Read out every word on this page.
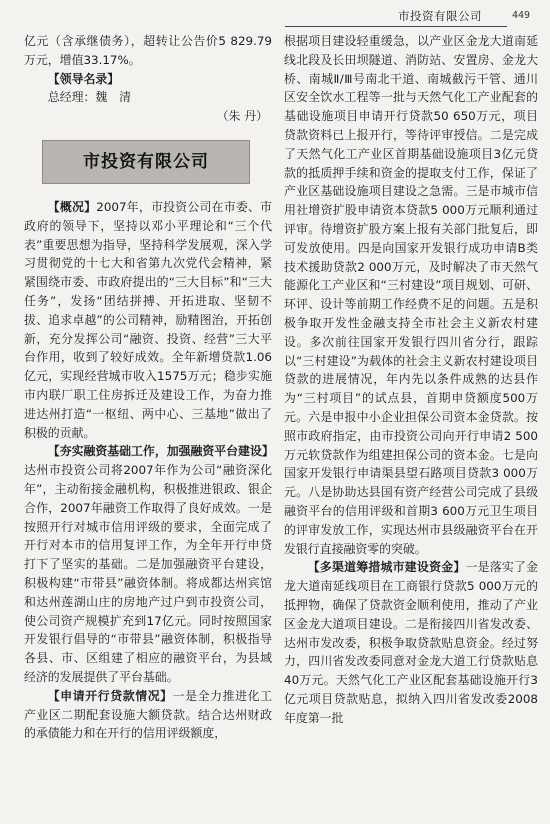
市投资有限公司	449

亿元（含承继债务），超转让公告价5 829.79万元，增值33.17%。

【领导名录】

总经理：魏　清

（朱 丹）

市投资有限公司

【概况】2007年，市投资公司在市委、市政府的领导下，坚持以邓小平理论和“三个代表”重要思想为指导，坚持科学发展观，深入学习贯彻党的十七大和省第九次党代会精神，紧紧围绕市委、市政府提出的“三大目标”和“三大任务”，发扬“团结拼搏、开拓进取、坚韧不拔、追求卓越”的公司精神，励精图治，开拓创新，充分发挥公司“融资、投资、经营”三大平台作用，收到了较好成效。全年新增贷款1.06亿元，实现经营城市收入1575万元；稳步实施市内联厂职工住房拆迁及建设工作，为奋力推进达州打造“一枢纽、两中心、三基地”做出了积极的贡献。

【夯实融资基础工作，加强融资平台建设】达州市投资公司将2007年作为公司“融资深化年”，主动衔接金融机构，积极推进银政、银企合作，2007年融资工作取得了良好成效。一是按照开行对城市信用评级的要求，全面完成了开行对本市的信用复评工作，为全年开行申贷打下了坚实的基础。二是加强融资平台建设，积极构建“市带县”融资体制。将成都达州宾馆和达州莲湖山庄的房地产过户到市投资公司，使公司资产规模扩充到17亿元。同时按照国家开发银行倡导的“市带县”融资体制，积极指导各县、市、区组建了相应的融资平台，为县域经济的发展提供了平台基础。

【申请开行贷款情况】一是全力推进化工产业区二期配套设施大额贷款。结合达州财政的承债能力和在开行的信用评级额度，

根据项目建设轻重缓急，以产业区金龙大道南延线北段及长田坝隧道、消防站、安置房、金龙大桥、南城Ⅱ/Ⅲ号南北干道、南城截污干管、通川区安全饮水工程等一批与天然气化工产业配套的基础设施项目申请开行贷款50 650万元，项目贷款资料已上报开行，等待评审授信。二是完成了天然气化工产业区首期基础设施项目3亿元贷款的抵质押手续和资金的提取支付工作，保证了产业区基础设施项目建设之急需。三是市城市信用社增资扩股申请资本贷款5 000万元顺利通过评审。待增资扩股方案上报有关部门批复后，即可发放使用。四是向国家开发银行成功申请B类技术援助贷款2 000万元，及时解决了市天然气能源化工产业区和“三村建设”项目规划、可研、环评、设计等前期工作经费不足的问题。五是积极争取开发性金融支持全市社会主义新农村建设。多次前往国家开发银行四川省分行，跟踪以“三村建设”为载体的社会主义新农村建设项目贷款的进展情况，年内先以条件成熟的达县作为“三村项目”的试点县，首期申贷额度500万元。六是申报中小企业担保公司资本金贷款。按照市政府指定，由市投资公司向开行申请2 500万元软贷款作为组建担保公司的资本金。七是向国家开发银行申请渠县望石路项目贷款3 000万元。八是协助达县国有资产经营公司完成了县级融资平台的信用评级和首期3 600万元卫生项目的评审发放工作，实现达州市县级融资平台在开发银行直接融资零的突破。

【多渠道筹措城市建设资金】一是落实了金龙大道南延线项目在工商银行贷款5 000万元的抵押物，确保了贷款资金顺利使用，推动了产业区金龙大道项目建设。二是衔接四川省发改委、达州市发改委，积极争取贷款贴息资金。经过努力，四川省发改委同意对金龙大道工行贷款贴息40万元。天然气化工产业区配套基础设施开行3亿元项目贷款贴息，拟纳入四川省发改委2008年度第一批
